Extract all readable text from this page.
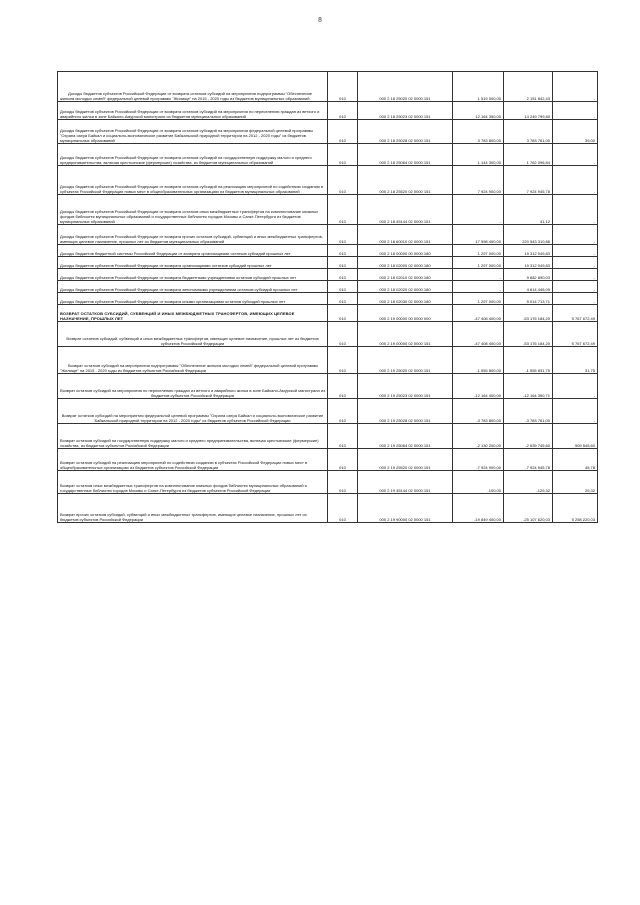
8
Доходы бюджетов субъектов Российской Федерации от возврата остатков субсидий на мероприятия подпрограммы "Обеспечение жильем молодых семей" федеральной целевой программы "Жилище" на 2015 - 2020 годы из бюджетов муниципальных образований	010	000 2 18 25020 02 0000 151	1 519 000,00	2 151 842,43	-
Доходы бюджетов субъектов Российской Федерации от возврата остатков субсидий на мероприятия по переселению граждан из ветхого и аварийного жилья в зоне Байкало-Амурской магистрали из бюджетов муниципальных образований	010	000 2 18 25023 02 0000 151	12 164 350,00	14 249 799,80	-
Доходы бюджетов субъектов Российской Федерации от возврата остатков субсидий на мероприятия федеральной целевой программы "Охрана озера Байкал и социально-экономическое развитие Байкальской природной территории на 2012 - 2020 годы" из бюджетов муниципальных образований	010	000 2 18 25028 02 0000 151	3 783 800,00	3 783 761,00	39,00
Доходы бюджетов субъектов Российской Федерации от возврата остатков субсидий на государственную поддержку малого и среднего предпринимательства, включая крестьянские (фермерские) хозяйства, из бюджетов муниципальных образований	010	000 2 18 25064 02 0000 151	1 144 300,00	1 762 096,84	-
Доходы бюджетов субъектов Российской Федерации от возврата остатков субсидий на реализацию мероприятий по содействию созданию в субъектах Российской Федерации новых мест в общеобразовательных организациях из бюджетов муниципальных образований	010	000 2 18 25520 02 0000 151	7 924 900,00	7 924 945,78	-
Доходы бюджетов субъектов Российской Федерации от возврата остатков иных межбюджетных трансфертов на комплектование книжных фондов библиотек муниципальных образований и государственных библиотек городов Москвы и Санкт-Петербурга из бюджетов муниципальных образований	010	000 2 18 45144 02 0000 151	-	41,12	-
Доходы бюджетов субъектов Российской Федерации от возврата прочих остатков субсидий, субвенций и иных межбюджетных трансфертов, имеющих целевое назначение, прошлых лет из бюджетов муниципальных образований	010	000 2 18 60010 02 0000 151	17 598 400,00	220 543 310,86	-
Доходы бюджетов бюджетной системы Российской Федерации от возврата организациями остатков субсидий прошлых лет	010	000 2 18 00000 00 0000 180	1 297 000,00	19 312 049,83	-
Доходы бюджетов субъектов Российской Федерации от возврата организациями остатков субсидий прошлых лет	010	000 2 18 02000 02 0000 180	1 297 000,00	19 312 049,83	-
Доходы бюджетов субъектов Российской Федерации от возврата бюджетными учреждениями остатков субсидий прошлых лет	010	000 2 18 02010 02 0000 180	-	9 682 890,03	-
Доходы бюджетов субъектов Российской Федерации от возврата автономными учреждениями остатков субсидий прошлых лет	010	000 2 18 02020 02 0000 180	-	4 614 446,09	-
Доходы бюджетов субъектов Российской Федерации от возврата иными организациями остатков субсидий прошлых лет	010	000 2 18 02030 02 0000 180	1 297 000,00	5 014 713,71	-
ВОЗВРАТ ОСТАТКОВ СУБСИДИЙ, СУБВЕНЦИЙ И ИНЫХ МЕЖБЮДЖЕТНЫХ ТРАНСФЕРТОВ, ИМЕЮЩИХ ЦЕЛЕВОЕ НАЗНАЧЕНИЕ, ПРОШЛЫХ ЛЕТ	010	000 2 19 00000 00 0000 000	-47 408 400,00	-53 176 184,20	5 767 672,49
Возврат остатков субсидий, субвенций и иных межбюджетных трансфертов, имеющих целевое назначение, прошлых лет из бюджетов субъектов Российской Федерации	010	000 2 19 00000 02 0000 151	-47 408 400,00	-53 176 184,20	5 767 672,49
Возврат остатков субсидий на мероприятия подпрограммы "Обеспечение жильем молодых семей" федеральной целевой программы "Жилище" на 2015 - 2020 годы из бюджетов субъектов Российской Федерации	010	000 2 19 25020 02 0000 151	-1 555 800,00	-1 555 831,75	31,75
Возврат остатков субсидий на мероприятия по переселению граждан из ветхого и аварийного жилья в зоне Байкало-Амурской магистрали из бюджетов субъектов Российской Федерации	010	000 2 19 25023 02 0000 151	-12 164 400,00	-12 164 350,71	-
Возврат остатков субсидий на мероприятия федеральной целевой программы "Охрана озера Байкал и социально-экономическое развитие Байкальской природной территории на 2012 - 2020 годы" из бюджетов субъектов Российской Федерации	010	000 2 19 25028 02 0000 151	-3 783 800,00	-3 783 761,00	-
Возврат остатков субсидий на государственную поддержку малого и среднего предпринимательства, включая крестьянские (фермерские) хозяйства, из бюджетов субъектов Российской Федерации	010	000 2 19 25064 02 0000 151	-2 130 200,00	-2 639 745,60	509 545,60
Возврат остатков субсидий на реализацию мероприятий по содействию созданию в субъектах Российской Федерации новых мест в общеобразовательных организациях из бюджетов субъектов Российской Федерации	010	000 2 19 25520 02 0000 151	-7 924 900,00	-7 924 945,78	45,78
Возврат остатков иных межбюджетных трансфертов на комплектование книжных фондов библиотек муниципальных образований и государственных библиотек городов Москвы и Санкт-Петербурга из бюджетов субъектов Российской Федерации	010	000 2 19 45144 02 0000 151	-100,00	-129,32	29,32
Возврат прочих остатков субсидий, субвенций и иных межбюджетных трансфертов, имеющих целевое назначение, прошлых лет из бюджетов субъектов Российской Федерации	010	000 2 19 90000 02 0000 151	-19 849 400,00	-25 107 620,03	5 258 220,03
